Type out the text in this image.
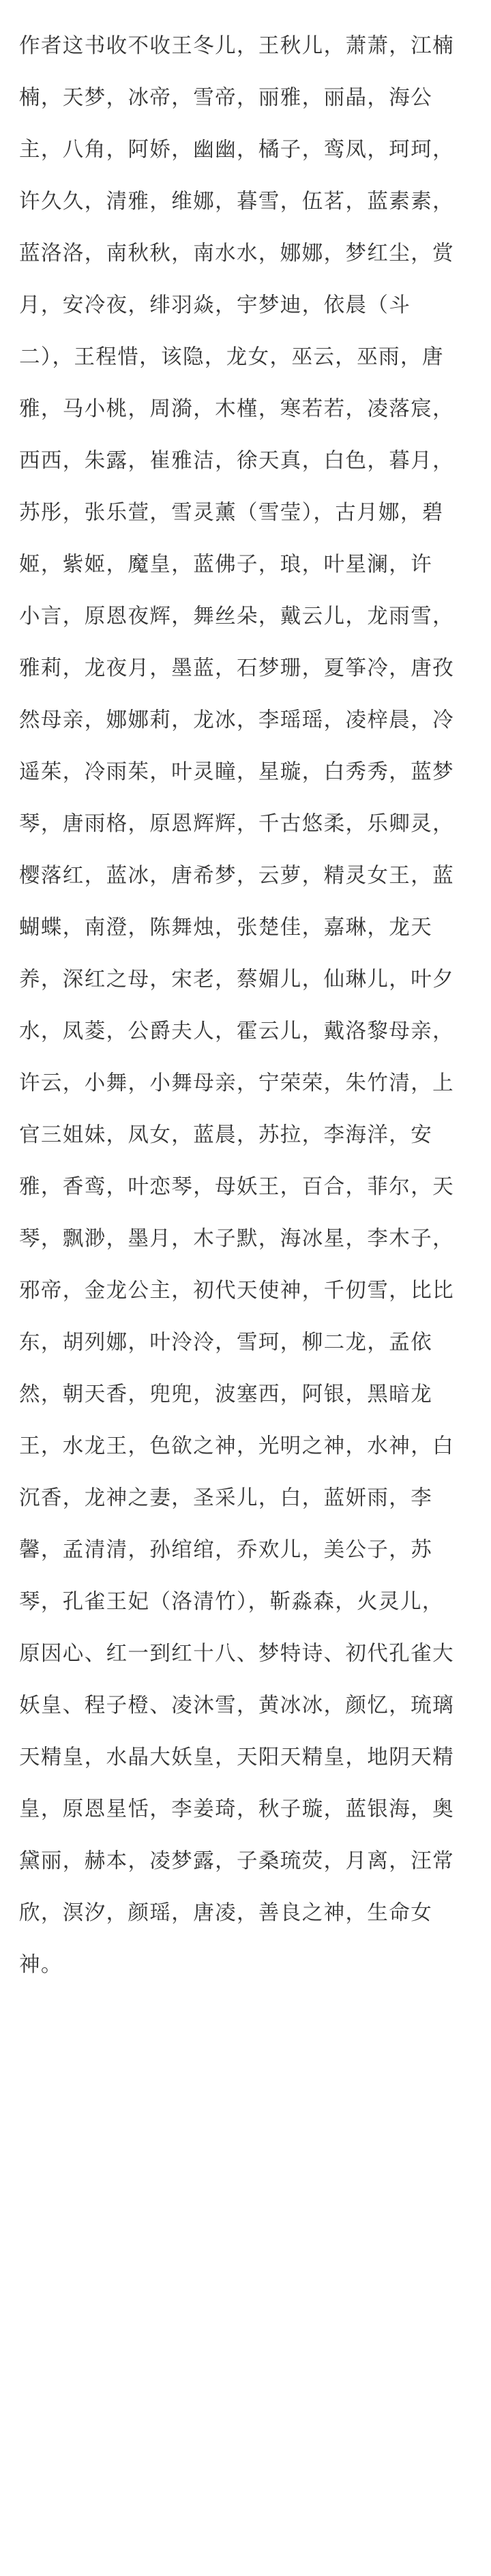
作者这书收不收王冬儿，王秋儿，萧萧，江楠
楠，天梦，冰帝，雪帝，丽雅，丽晶，海公
主，八角，阿娇，幽幽，橘子，鸾凤，珂珂，
许久久，清雅，维娜，暮雪，伍茗，蓝素素，
蓝洛洛，南秋秋，南水水，娜娜，梦红尘，赏
月，安冷夜，绯羽焱，宇梦迪，依晨（斗
二），王程惜，该隐，龙女，巫云，巫雨，唐
雅，马小桃，周漪，木槿，寒若若，凌落宸，
西西，朱露，崔雅洁，徐天真，白色，暮月，
苏彤，张乐萱，雪灵薰（雪莹），古月娜，碧
姬，紫姬，魔皇，蓝佛子，琅，叶星澜，许
小言，原恩夜辉，舞丝朵，戴云儿，龙雨雪，
雅莉，龙夜月，墨蓝，石梦珊，夏筝冷，唐孜
然母亲，娜娜莉，龙冰，李瑶瑶，凌梓晨，冷
遥茱，冷雨茱，叶灵瞳，星璇，白秀秀，蓝梦
琴，唐雨格，原恩辉辉，千古悠柔，乐卿灵，
樱落红，蓝冰，唐希梦，云萝，精灵女王，蓝
蝴蝶，南澄，陈舞烛，张楚佳，嘉琳，龙天
养，深红之母，宋老，蔡媚儿，仙琳儿，叶夕
水，凤菱，公爵夫人，霍云儿，戴洛黎母亲，
许云，小舞，小舞母亲，宁荣荣，朱竹清，上
官三姐妹，凤女，蓝晨，苏拉，李海洋，安
雅，香鸾，叶恋琴，母妖王，百合，菲尔，天
琴，飘渺，墨月，木子默，海冰星，李木子，
邪帝，金龙公主，初代天使神，千仞雪，比比
东，胡列娜，叶泠泠，雪珂，柳二龙，孟依
然，朝天香，兜兜，波塞西，阿银，黑暗龙
王，水龙王，色欲之神，光明之神，水神，白
沉香，龙神之妻，圣采儿，白，蓝妍雨，李
馨，孟清清，孙绾绾，乔欢儿，美公子，苏
琴，孔雀王妃（洛清竹），靳淼森，火灵儿，
原因心、红一到红十八、梦特诗、初代孔雀大
妖皇、程子橙、凌沐雪，黄冰冰，颜忆，琉璃
天精皇，水晶大妖皇，天阳天精皇，地阴天精
皇，原恩星恬，李姜琦，秋子璇，蓝银海，奥
黛丽，赫本，凌梦露，子桑琉荧，月离，汪常
欣，溟汐，颜瑶，唐凌，善良之神，生命女
神。
